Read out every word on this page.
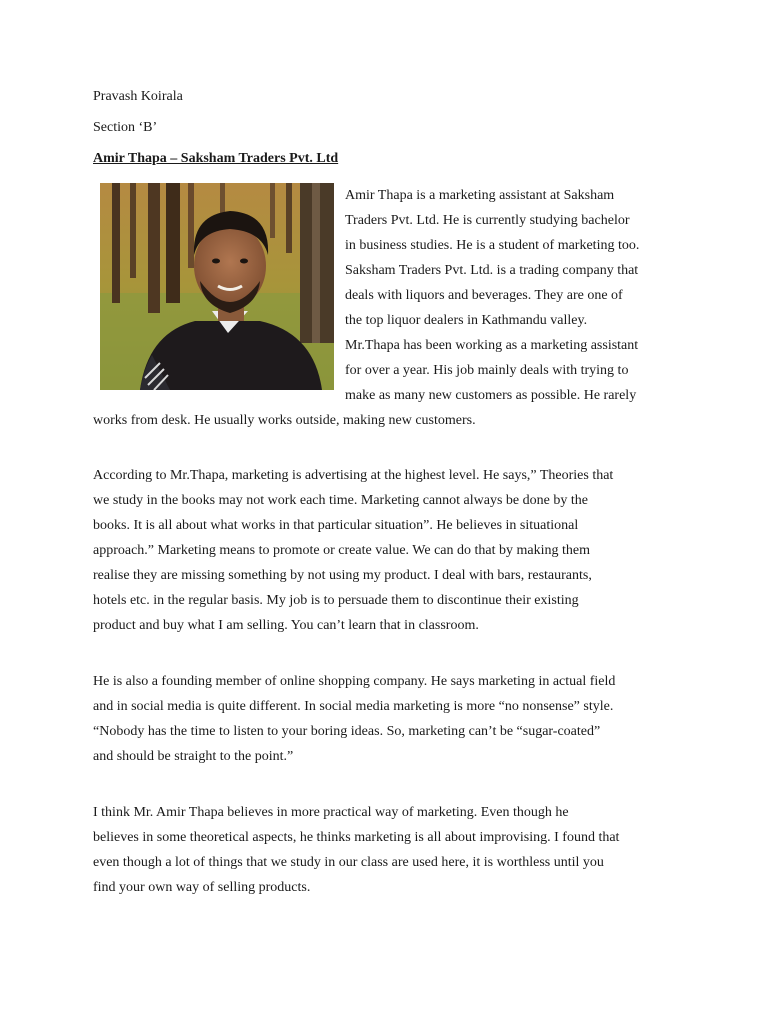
Pravash Koirala
Section ‘B’
Amir Thapa – Saksham Traders Pvt. Ltd
Amir Thapa is a marketing assistant at Saksham
Traders Pvt. Ltd. He is currently studying bachelor
in business studies. He is a student of marketing too.
Saksham Traders Pvt. Ltd. is a trading company that
deals with liquors and beverages. They are one of
the top liquor dealers in Kathmandu valley.
Mr.Thapa has been working as a marketing assistant
for over a year. His job mainly deals with trying to
make as many new customers as possible. He rarely
works from desk. He usually works outside, making new customers.
According to Mr.Thapa, marketing is advertising at the highest level. He says,” Theories that
we study in the books may not work each time. Marketing cannot always be done by the
books. It is all about what works in that particular situation”. He believes in situational
approach.” Marketing means to promote or create value. We can do that by making them
realise they are missing something by not using my product. I deal with bars, restaurants,
hotels etc. in the regular basis. My job is to persuade them to discontinue their existing
product and buy what I am selling. You can’t learn that in classroom.
He is also a founding member of online shopping company. He says marketing in actual field
and in social media is quite different. In social media marketing is more “no nonsense” style.
“Nobody has the time to listen to your boring ideas. So, marketing can’t be “sugar-coated”
and should be straight to the point.”
I think Mr. Amir Thapa believes in more practical way of marketing. Even though he
believes in some theoretical aspects, he thinks marketing is all about improvising. I found that
even though a lot of things that we study in our class are used here, it is worthless until you
find your own way of selling products.
